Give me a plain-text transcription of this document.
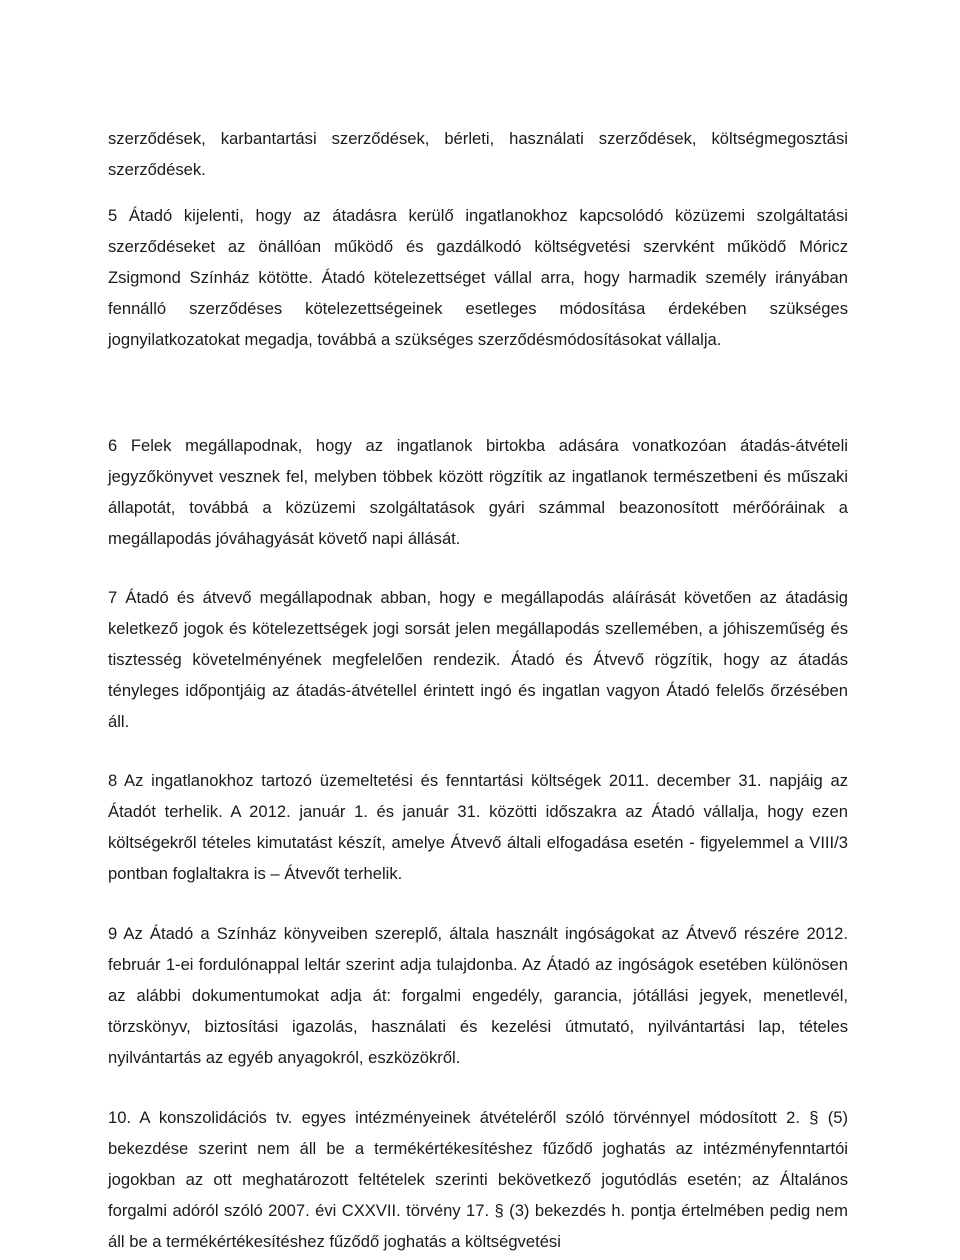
szerződések, karbantartási szerződések, bérleti, használati szerződések, költségmegosztási szerződések.

5 Átadó kijelenti, hogy az átadásra kerülő ingatlanokhoz kapcsolódó közüzemi szolgáltatási szerződéseket az önállóan működő és gazdálkodó költségvetési szervként működő Móricz Zsigmond Színház kötötte. Átadó kötelezettséget vállal arra, hogy harmadik személy irányában fennálló szerződéses kötelezettségeinek esetleges módosítása érdekében szükséges jognyilatkozatokat megadja, továbbá a szükséges szerződésmódosításokat vállalja.

6 Felek megállapodnak, hogy az ingatlanok birtokba adására vonatkozóan átadás-átvételi jegyzőkönyvet vesznek fel, melyben többek között rögzítik az ingatlanok természetbeni és műszaki állapotát, továbbá a közüzemi szolgáltatások gyári számmal beazonosított mérőóráinak a megállapodás jóváhagyását követő napi állását.

7 Átadó és átvevő megállapodnak abban, hogy e megállapodás aláírását követően az átadásig keletkező jogok és kötelezettségek jogi sorsát jelen megállapodás szellemében, a jóhiszeműség és tisztesség követelményének megfelelően rendezik. Átadó és Átvevő rögzítik, hogy az átadás tényleges időpontjáig az átadás-átvétellel érintett ingó és ingatlan vagyon Átadó felelős őrzésében áll.

8 Az ingatlanokhoz tartozó üzemeltetési és fenntartási költségek 2011. december 31. napjáig az Átadót terhelik. A 2012. január 1. és január 31. közötti időszakra az Átadó vállalja, hogy ezen költségekről tételes kimutatást készít, amelye Átvevő általi elfogadása esetén - figyelemmel a VIII/3 pontban foglaltakra is – Átvevőt terhelik.

9 Az Átadó a Színház könyveiben szereplő, általa használt ingóságokat az Átvevő részére 2012. február 1-ei fordulónappal leltár szerint adja tulajdonba. Az Átadó az ingóságok esetében különösen az alábbi dokumentumokat adja át: forgalmi engedély, garancia, jótállási jegyek, menetlevél, törzskönyv, biztosítási igazolás, használati és kezelési útmutató, nyilvántartási lap, tételes nyilvántartás az egyéb anyagokról, eszközökről.

10. A konszolidációs tv. egyes intézményeinek átvételéről szóló törvénnyel módosított 2. § (5) bekezdése szerint nem áll be a termékértékesítéshez fűződő joghatás az intézményfenntartói jogokban az ott meghatározott feltételek szerinti bekövetkező jogutódlás esetén; az Általános forgalmi adóról szóló 2007. évi CXXVII. törvény 17. § (3) bekezdés h. pontja értelmében pedig nem áll be a termékértékesítéshez fűződő joghatás a költségvetési
